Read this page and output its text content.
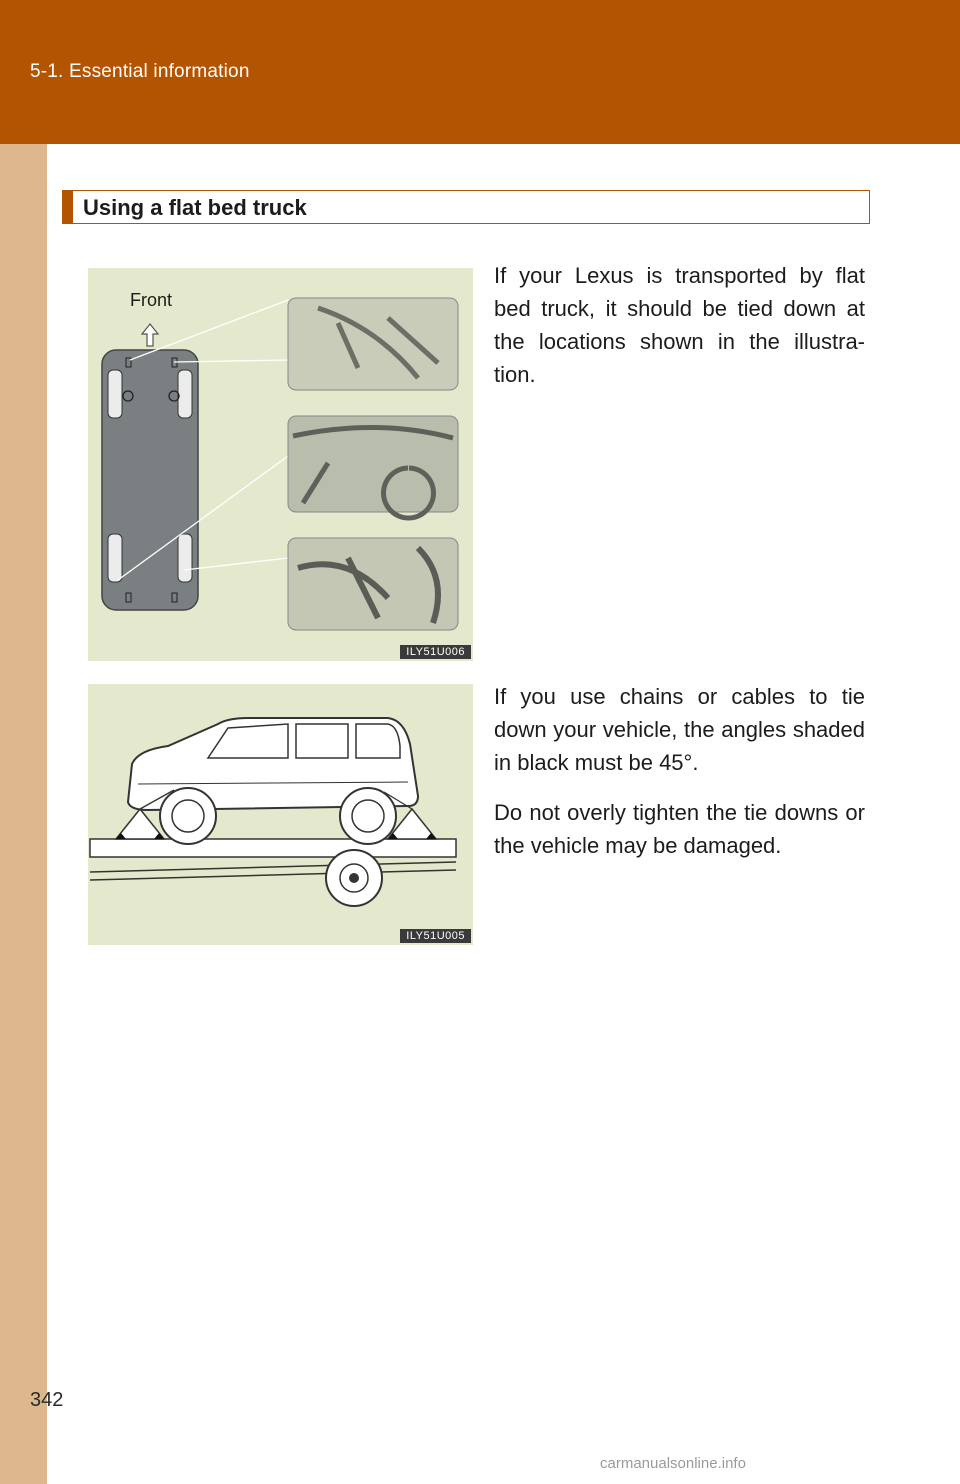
5-1. Essential information
342
Using a flat bed truck
Front
ILY51U006
ILY51U005

If your Lexus is transported by flat bed truck, it should be tied down at the locations shown in the illustra-tion.

If you use chains or cables to tie down your vehicle, the angles shaded in black must be 45°.

Do not overly tighten the tie downs or the vehicle may be damaged.

carmanualsonline.info
